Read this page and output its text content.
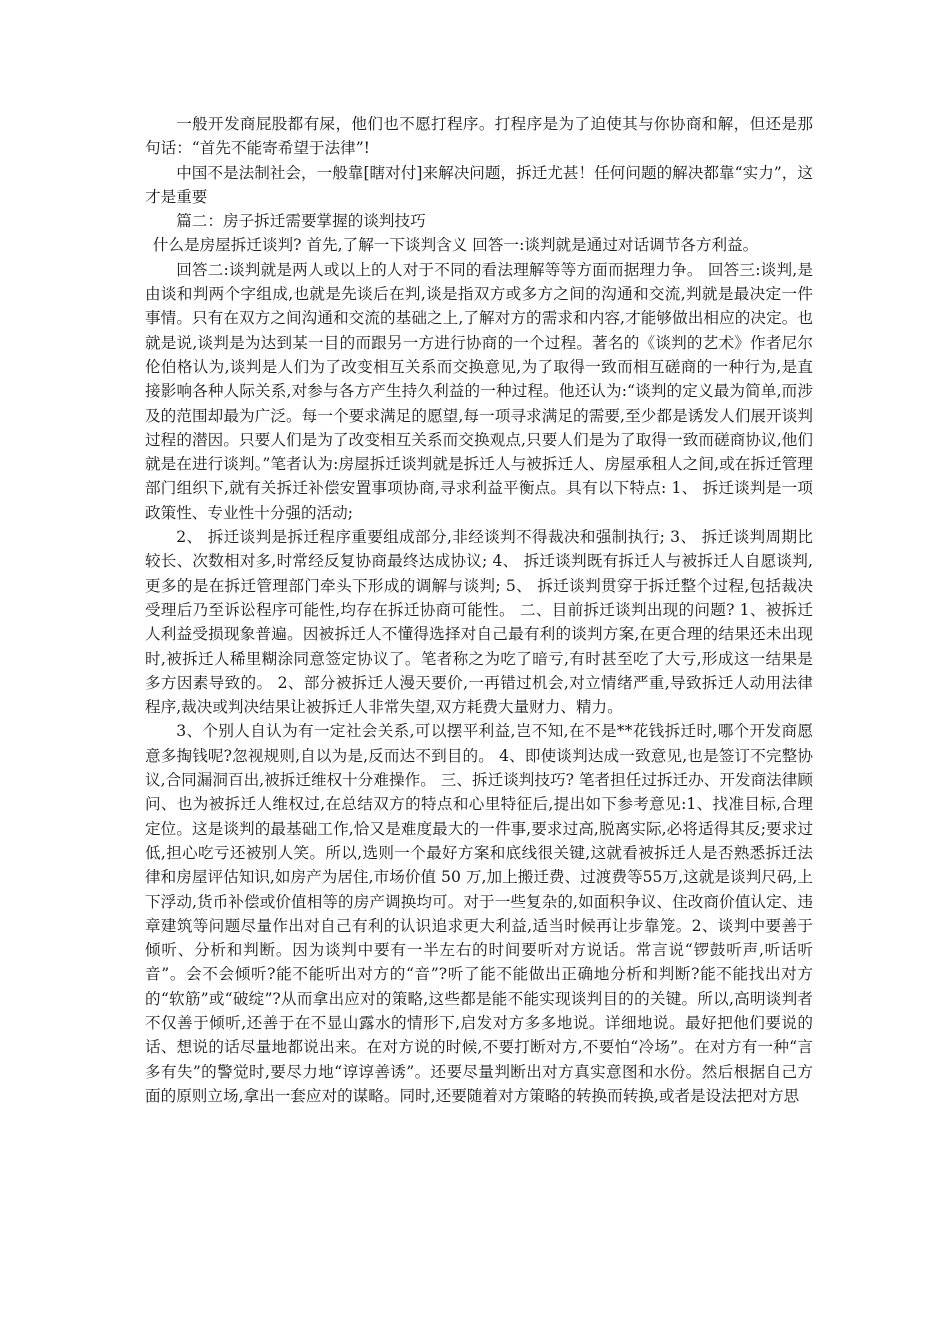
一般开发商屁股都有屎，他们也不愿打程序。打程序是为了迫使其与你协商和解，但还是那句话：“首先不能寄希望于法律”!

中国不是法制社会，一般靠[瞎对付]来解决问题，拆迁尤甚！任何问题的解决都靠“实力”，这才是重要

篇二：房子拆迁需要掌握的谈判技巧

什么是房屋拆迁谈判? 首先,了解一下谈判含义 回答一:谈判就是通过对话调节各方利益。

回答二:谈判就是两人或以上的人对于不同的看法理解等等方面而据理力争。 回答三:谈判,是由谈和判两个字组成,也就是先谈后在判,谈是指双方或多方之间的沟通和交流,判就是最决定一件事情。只有在双方之间沟通和交流的基础之上,了解对方的需求和内容,才能够做出相应的决定。也就是说,谈判是为达到某一目的而跟另一方进行协商的一个过程。著名的《谈判的艺术》作者尼尔伦伯格认为,谈判是人们为了改变相互关系而交换意见,为了取得一致而相互磋商的一种行为,是直接影响各种人际关系,对参与各方产生持久利益的一种过程。他还认为:“谈判的定义最为简单,而涉及的范围却最为广泛。每一个要求满足的愿望,每一项寻求满足的需要,至少都是诱发人们展开谈判过程的潜因。只要人们是为了改变相互关系而交换观点,只要人们是为了取得一致而磋商协议,他们就是在进行谈判。”笔者认为:房屋拆迁谈判就是拆迁人与被拆迁人、房屋承租人之间,或在拆迁管理部门组织下,就有关拆迁补偿安置事项协商,寻求利益平衡点。具有以下特点: 1、 拆迁谈判是一项政策性、专业性十分强的活动;

2、 拆迁谈判是拆迁程序重要组成部分,非经谈判不得裁决和强制执行; 3、 拆迁谈判周期比较长、次数相对多,时常经反复协商最终达成协议; 4、 拆迁谈判既有拆迁人与被拆迁人自愿谈判,更多的是在拆迁管理部门牵头下形成的调解与谈判; 5、 拆迁谈判贯穿于拆迁整个过程,包括裁决受理后乃至诉讼程序可能性,均存在拆迁协商可能性。 二、目前拆迁谈判出现的问题? 1、被拆迁人利益受损现象普遍。因被拆迁人不懂得选择对自己最有利的谈判方案,在更合理的结果还未出现时,被拆迁人稀里糊涂同意签定协议了。笔者称之为吃了暗亏,有时甚至吃了大亏,形成这一结果是多方因素导致的。 2、部分被拆迁人漫天要价,一再错过机会,对立情绪严重,导致拆迁人动用法律程序,裁决或判决结果让被拆迁人非常失望,双方耗费大量财力、精力。

3、个别人自认为有一定社会关系,可以摆平利益,岂不知,在不是**花钱拆迁时,哪个开发商愿意多掏钱呢?忽视规则,自以为是,反而达不到目的。 4、即使谈判达成一致意见,也是签订不完整协议,合同漏洞百出,被拆迁维权十分难操作。 三、拆迁谈判技巧? 笔者担任过拆迁办、开发商法律顾问、也为被拆迁人维权过,在总结双方的特点和心里特征后,提出如下参考意见:1、找准目标,合理定位。这是谈判的最基础工作,恰又是难度最大的一件事,要求过高,脱离实际,必将适得其反;要求过低,担心吃亏还被别人笑。所以,选则一个最好方案和底线很关键,这就看被拆迁人是否熟悉拆迁法律和房屋评估知识,如房产为居住,市场价值 50 万,加上搬迁费、过渡费等55万,这就是谈判尺码,上下浮动,货币补偿或价值相等的房产调换均可。对于一些复杂的,如面积争议、住改商价值认定、违章建筑等问题尽量作出对自己有利的认识追求更大利益,适当时候再让步靠笼。2、谈判中要善于倾听、分析和判断。因为谈判中要有一半左右的时间要听对方说话。常言说“锣鼓听声,听话听音”。会不会倾听?能不能听出对方的“音”?听了能不能做出正确地分析和判断?能不能找出对方的“软筋”或“破绽”?从而拿出应对的策略,这些都是能不能实现谈判目的的关键。所以,高明谈判者不仅善于倾听,还善于在不显山露水的情形下,启发对方多多地说。详细地说。最好把他们要说的话、想说的话尽量地都说出来。在对方说的时候,不要打断对方,不要怕“冷场”。在对方有一种“言多有失”的警觉时,要尽力地“谆谆善诱”。还要尽量判断出对方真实意图和水份。然后根据自己方面的原则立场,拿出一套应对的谋略。同时,还要随着对方策略的转换而转换,或者是设法把对方思
